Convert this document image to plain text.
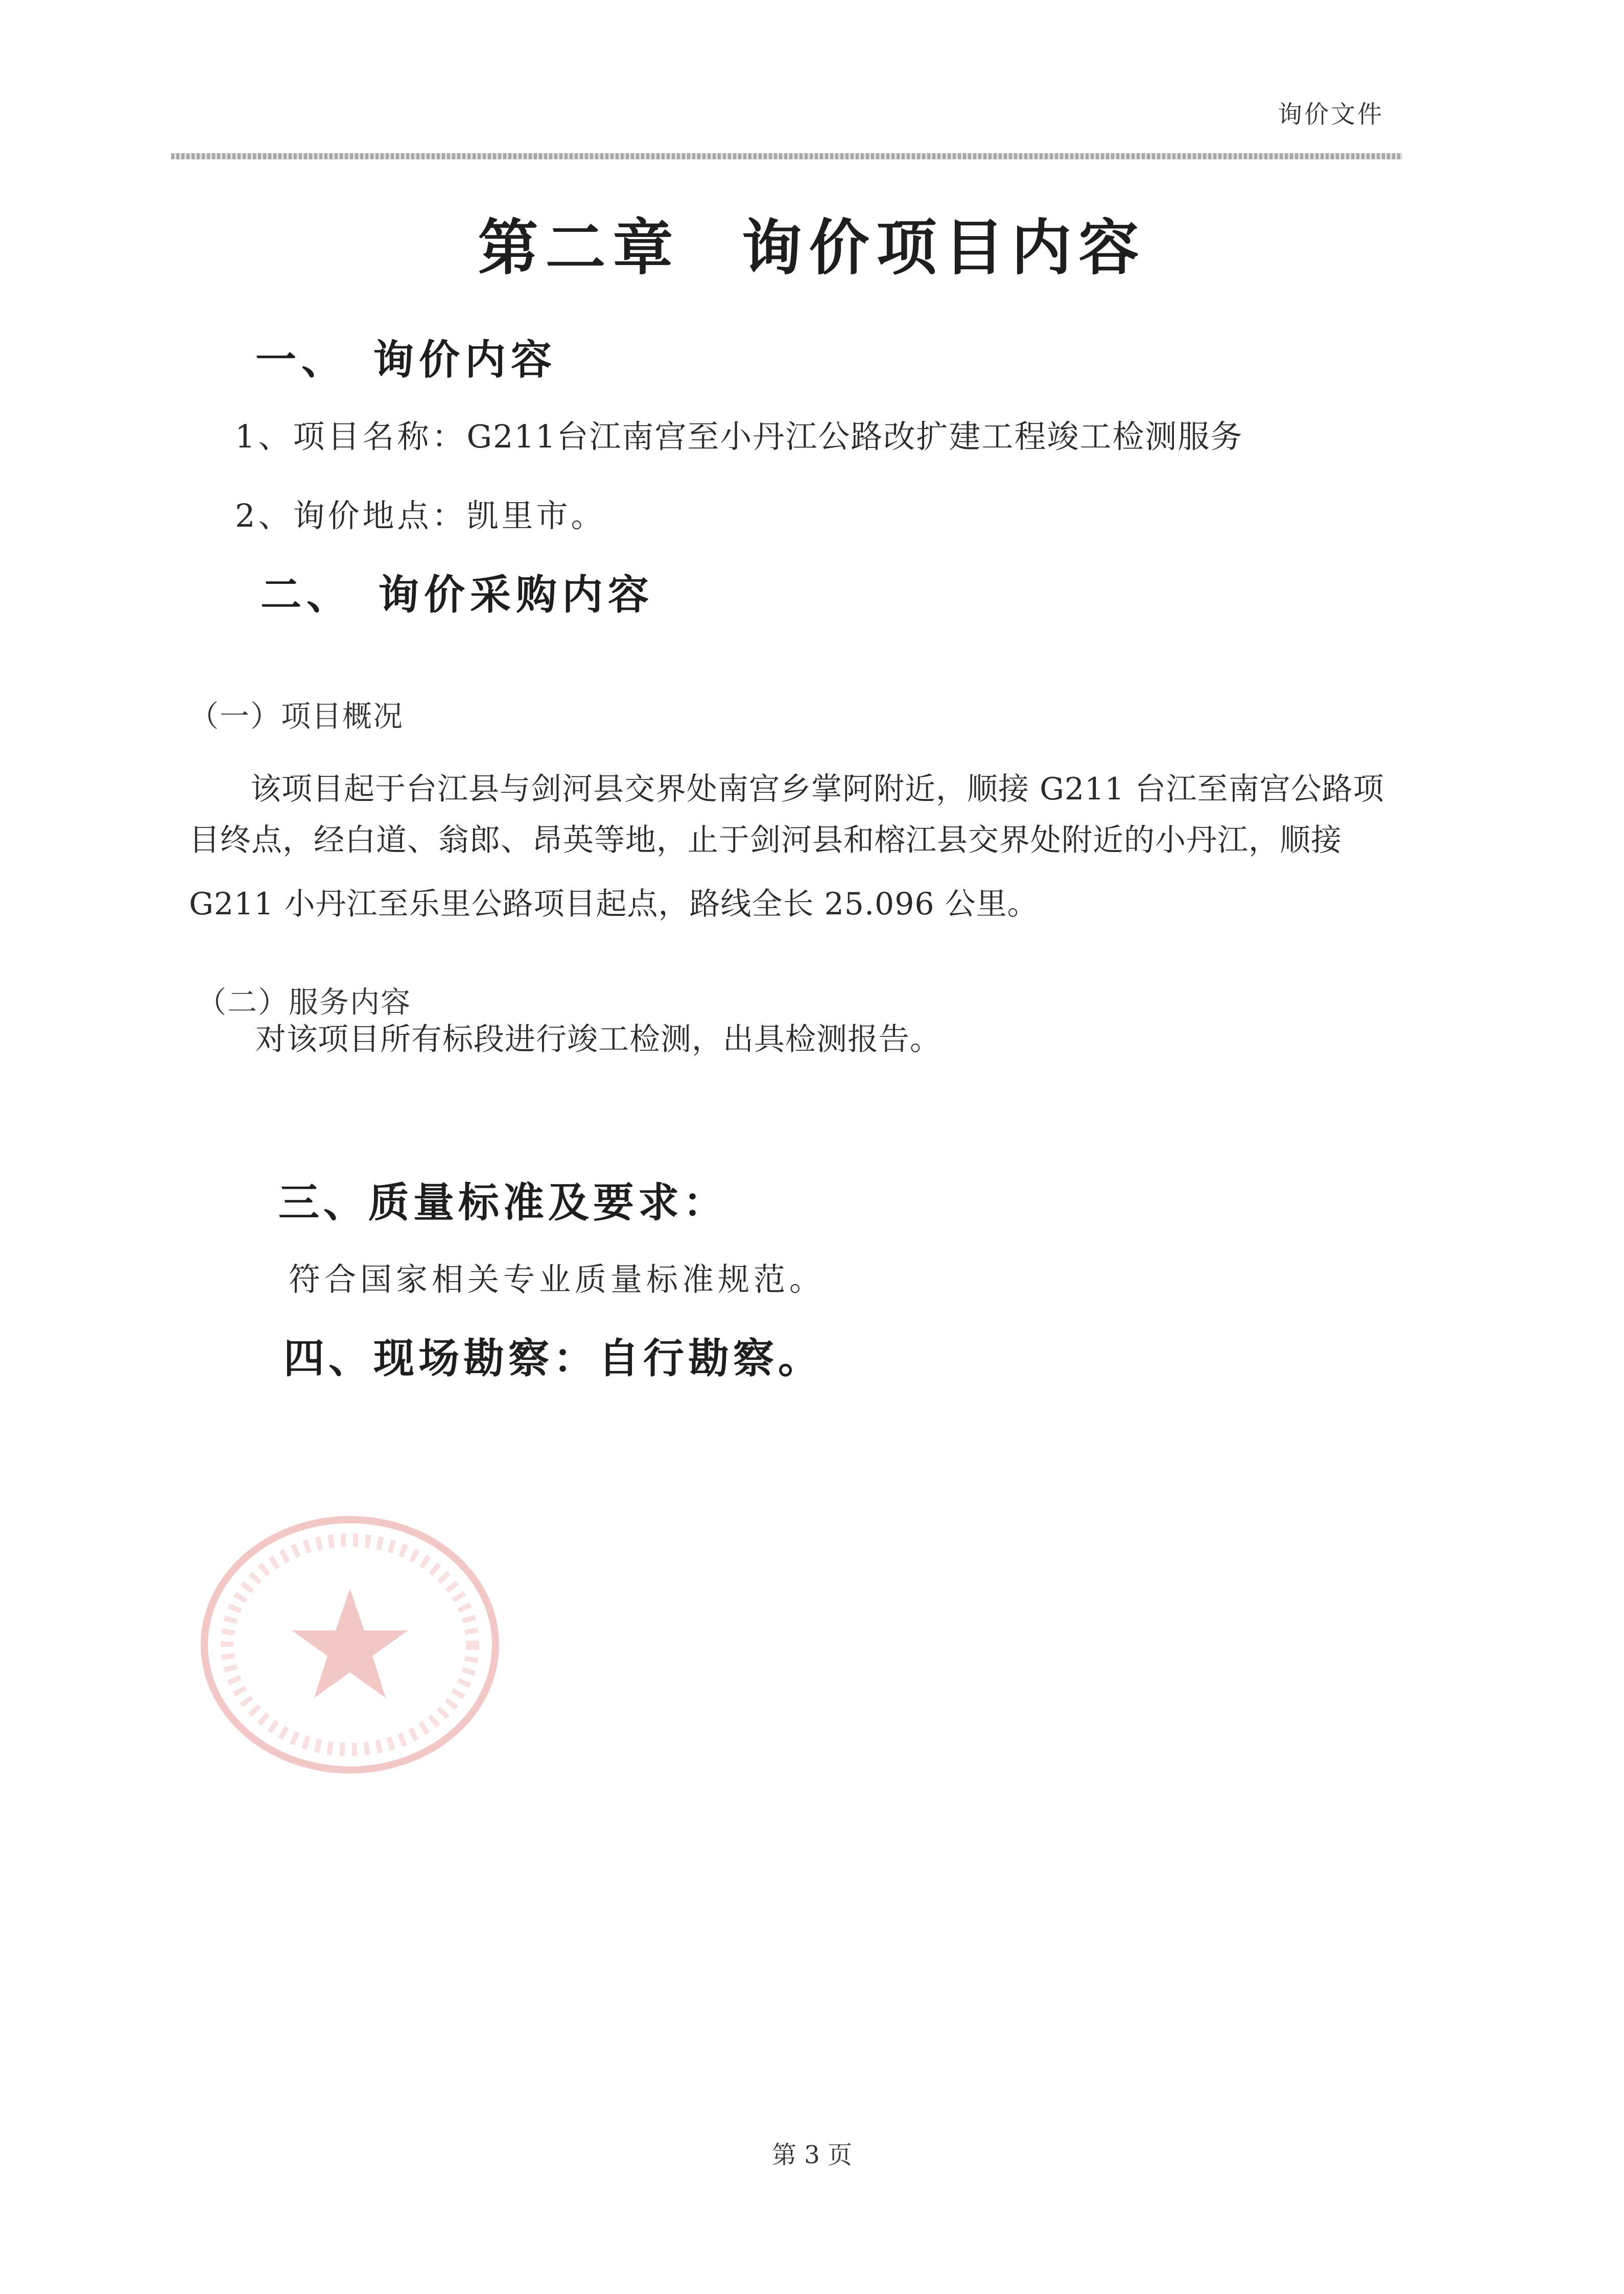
询价文件
第二章 询价项目内容
一、 询价内容
1、项目名称：G211台江南宫至小丹江公路改扩建工程竣工检测服务
2、询价地点：凯里市。
二、 询价采购内容
（一）项目概况
该项目起于台江县与剑河县交界处南宫乡掌阿附近，顺接 G211 台江至南宫公路项
目终点，经白道、翁郎、昂英等地，止于剑河县和榕江县交界处附近的小丹江，顺接
G211 小丹江至乐里公路项目起点，路线全长 25.096 公里。
（二）服务内容
对该项目所有标段进行竣工检测，出具检测报告。
三、质量标准及要求：
符合国家相关专业质量标准规范。
四、现场勘察：自行勘察。
第 3 页
